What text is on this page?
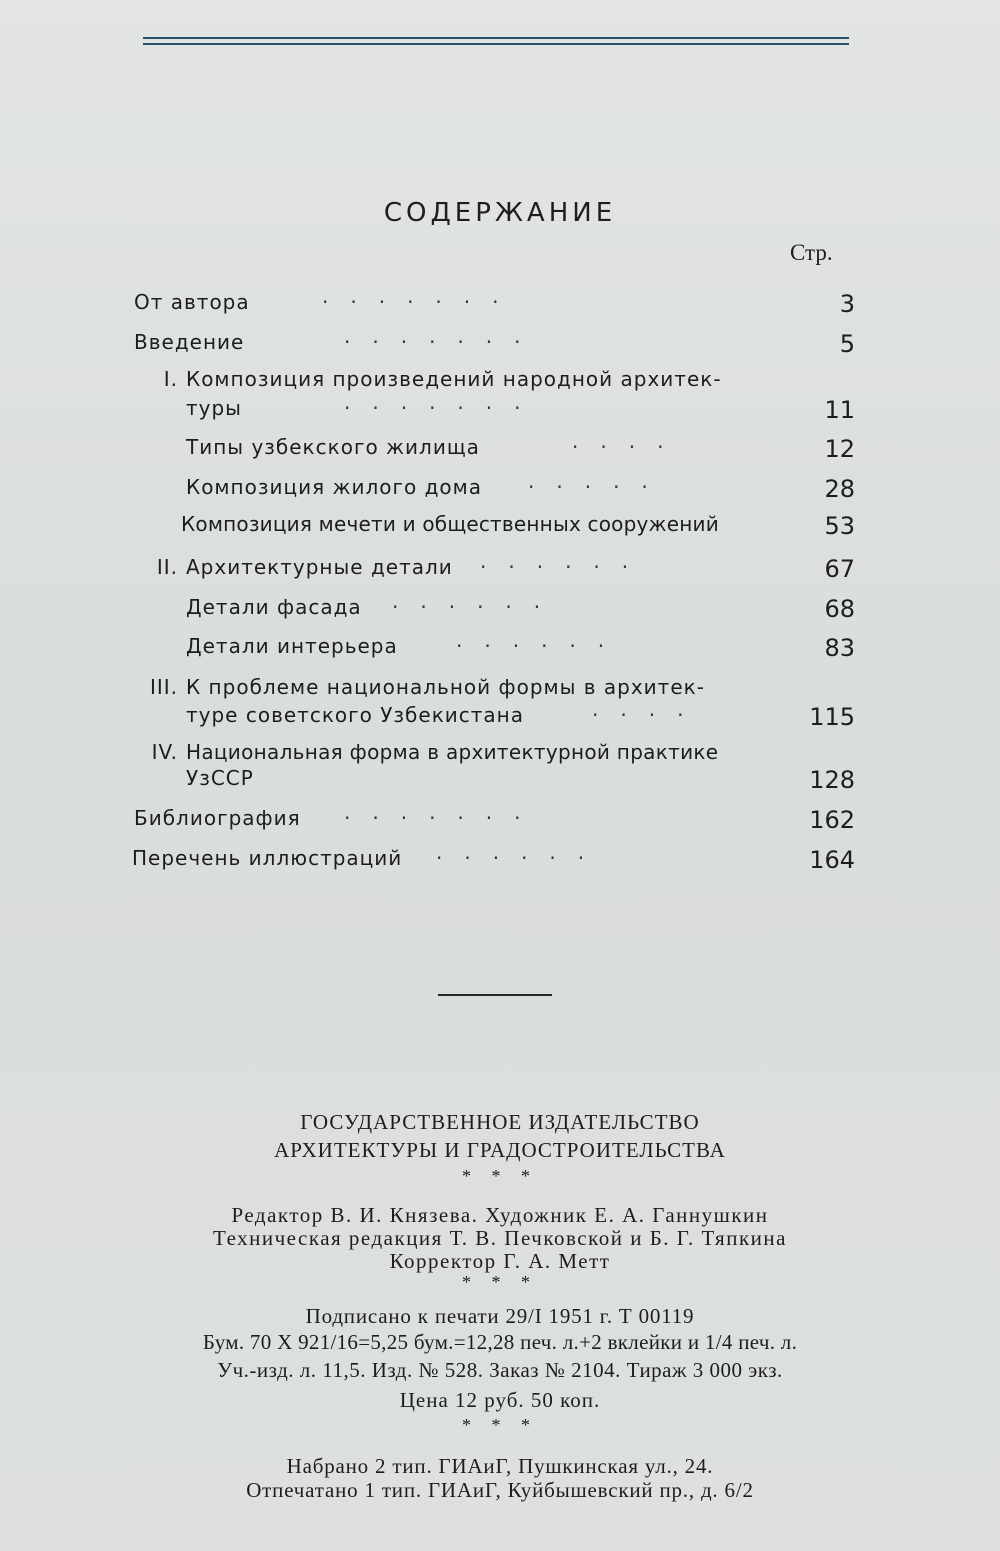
СОДЕРЖАНИЕ
Стр.
От автора	·······	3
Введение	·······	5
I. Композиция произведений народной архитек-
туры	·······	11
Типы узбекского жилища	····	12
Композиция жилого дома ·····	28
Композиция мечети и общественных сооружений	53
II. Архитектурные детали ······	67
Детали фасада ······	68
Детали интерьера	······	83
III. К проблеме национальной формы в архитек-
туре советского Узбекистана	····	115
IV. Национальная форма в архитектурной практике
УзССР	128
Библиография ·······	162
Перечень иллюстраций ······	164
ГОСУДАРСТВЕННОЕ ИЗДАТЕЛЬСТВО
АРХИТЕКТУРЫ И ГРАДОСТРОИТЕЛЬСТВА
* * *
Редактор В. И. Князева. Художник Е. А. Ганнушкин
Техническая редакция Т. В. Печковской и Б. Г. Тяпкина
Корректор Г. А. Метт
* * *
Подписано к печати 29/I 1951 г. Т 00119
Бум. 70 X 921/16=5,25 бум.=12,28 печ. л.+2 вклейки и 1/4 печ. л.
Уч.-изд. л. 11,5. Изд. № 528. Заказ № 2104. Тираж 3 000 экз.
Цена 12 руб. 50 коп.
* * *
Набрано 2 тип. ГИАиГ, Пушкинская ул., 24.
Отпечатано 1 тип. ГИАиГ, Куйбышевский пр., д. 6/2
